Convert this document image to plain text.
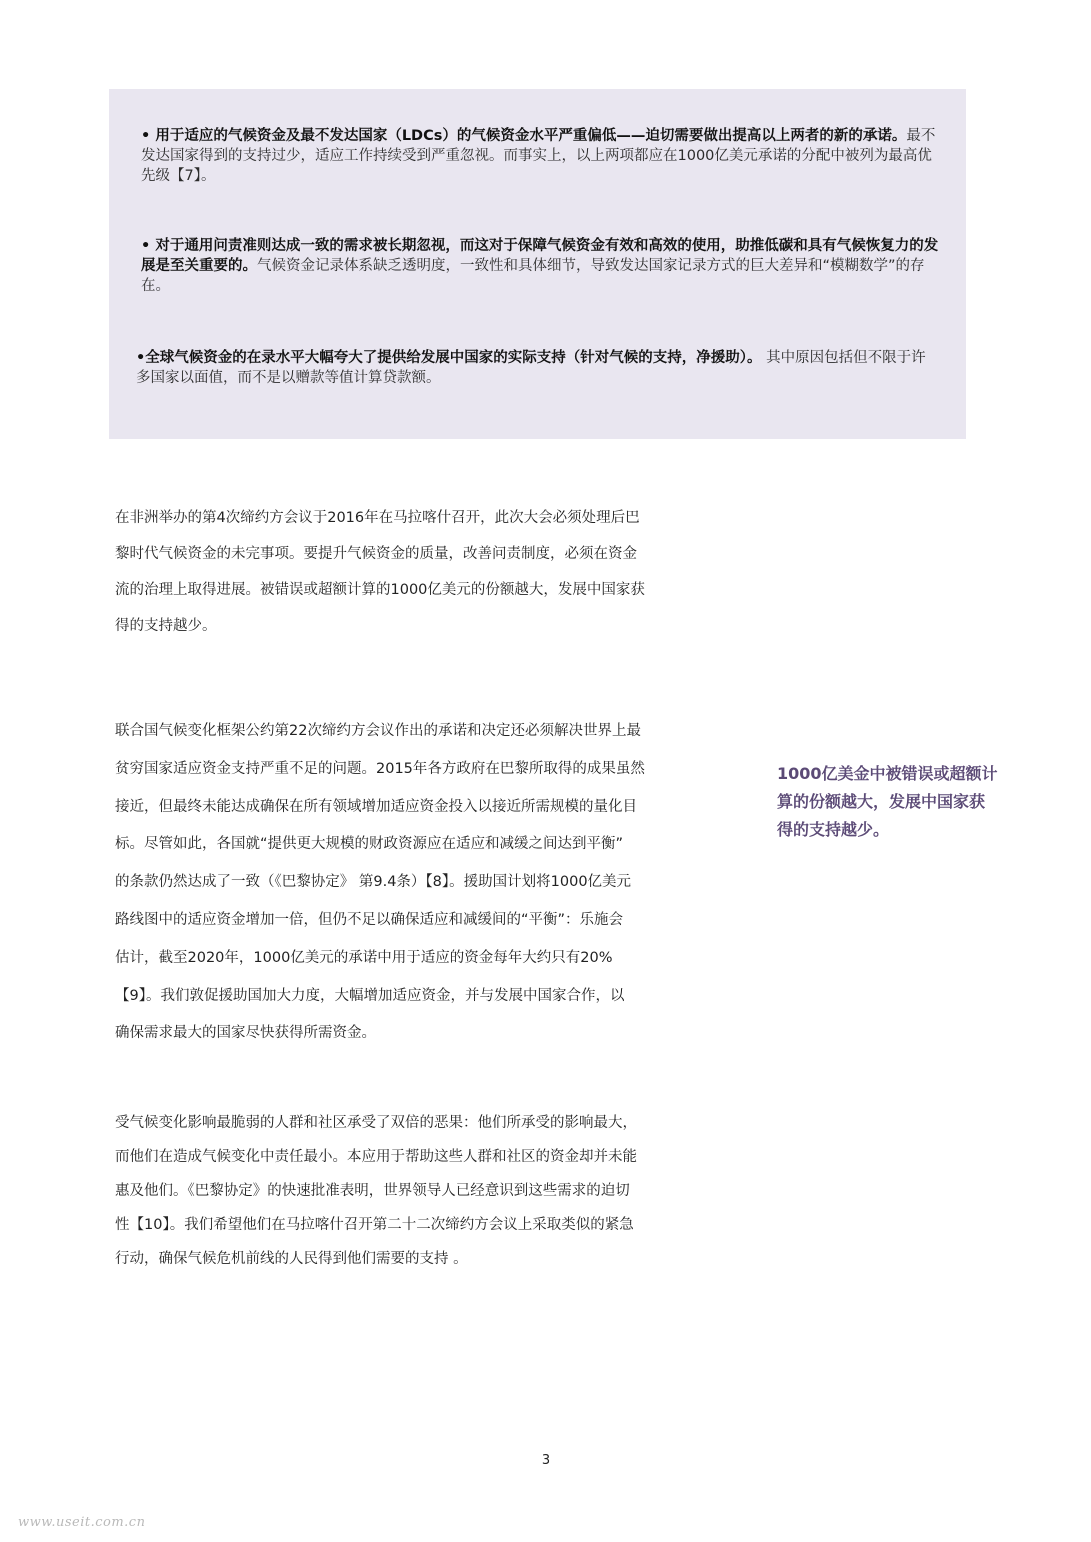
• 用于适应的气候资金及最不发达国家（LDCs）的气候资金水平严重偏低——迫切需要做出提高以上两者的新的承诺。最不发达国家得到的支持过少，适应工作持续受到严重忽视。而事实上，以上两项都应在1000亿美元承诺的分配中被列为最高优先级【7】。
• 对于通用问责准则达成一致的需求被长期忽视，而这对于保障气候资金有效和高效的使用，助推低碳和具有气候恢复力的发展是至关重要的。气候资金记录体系缺乏透明度，一致性和具体细节，导致发达国家记录方式的巨大差异和“模糊数学”的存在。
•全球气候资金的在录水平大幅夸大了提供给发展中国家的实际支持（针对气候的支持，净援助）。 其中原因包括但不限于许多国家以面值，而不是以赠款等值计算贷款额。

在非洲举办的第4次缔约方会议于2016年在马拉喀什召开，此次大会必须处理后巴

黎时代气候资金的未完事项。要提升气候资金的质量，改善问责制度，必须在资金

流的治理上取得进展。被错误或超额计算的1000亿美元的份额越大，发展中国家获

得的支持越少。

联合国气候变化框架公约第22次缔约方会议作出的承诺和决定还必须解决世界上最

贫穷国家适应资金支持严重不足的问题。2015年各方政府在巴黎所取得的成果虽然

接近，但最终未能达成确保在所有领域增加适应资金投入以接近所需规模的量化目

标。尽管如此，各国就“提供更大规模的财政资源应在适应和减缓之间达到平衡”

的条款仍然达成了一致（《巴黎协定》 第9.4条）【8】。援助国计划将1000亿美元

路线图中的适应资金增加一倍，但仍不足以确保适应和减缓间的“平衡”：乐施会

估计，截至2020年，1000亿美元的承诺中用于适应的资金每年大约只有20%

【9】。我们敦促援助国加大力度，大幅增加适应资金，并与发展中国家合作，以

确保需求最大的国家尽快获得所需资金。

受气候变化影响最脆弱的人群和社区承受了双倍的恶果：他们所承受的影响最大，

而他们在造成气候变化中责任最小。本应用于帮助这些人群和社区的资金却并未能

惠及他们。《巴黎协定》的快速批准表明，世界领导人已经意识到这些需求的迫切

性【10】。我们希望他们在马拉喀什召开第二十二次缔约方会议上采取类似的紧急

行动，确保气候危机前线的人民得到他们需要的支持 。

1000亿美金中被错误或超额计
算的份额越大，发展中国家获
得的支持越少。
3
www.useit.com.cn
